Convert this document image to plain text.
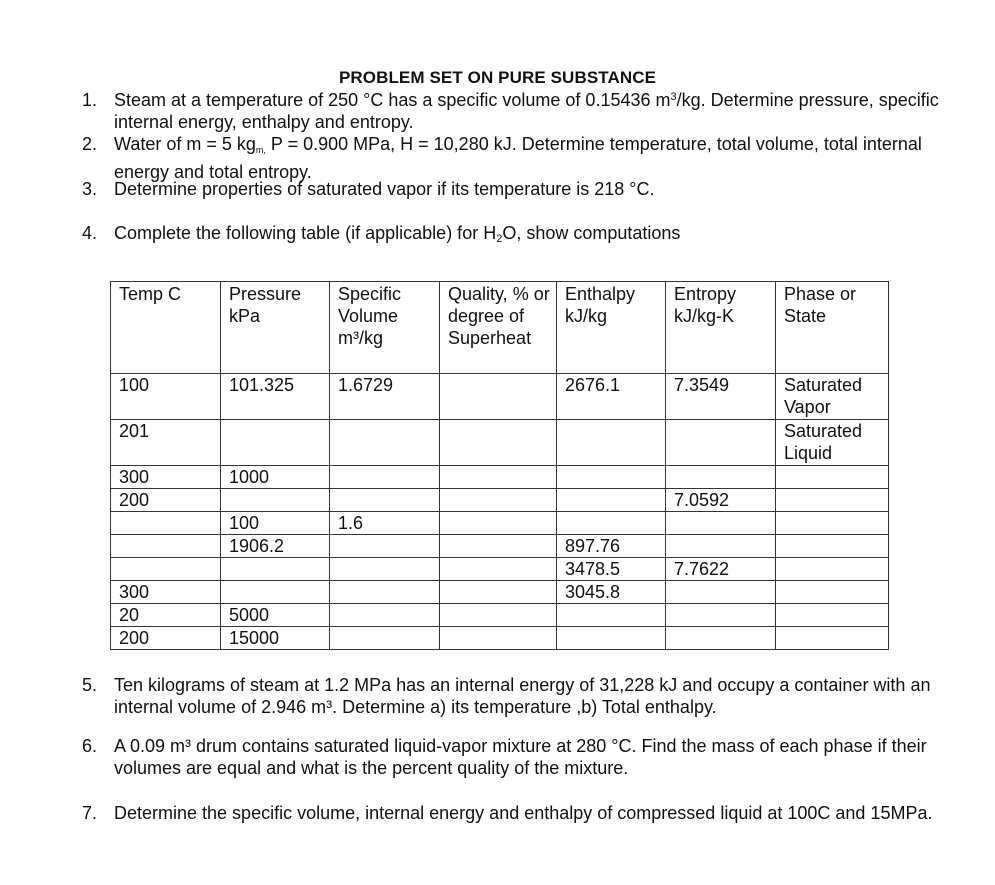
PROBLEM SET ON PURE SUBSTANCE
1. Steam at a temperature of 250 °C has a specific volume of 0.15436 $m^3/kg$. Determine pressure, specific internal energy, enthalpy and entropy.
2. Water of m = 5 kgm, P = 0.900 MPa, H = 10,280 kJ. Determine temperature, total volume, total internal energy and total entropy.
3. Determine properties of saturated vapor if its temperature is 218 °C.
4. Complete the following table (if applicable) for $H_2O$, show computations
Temp C	Pressure kPa	Specific Volume m³/kg	Quality, % or degree of Superheat	Enthalpy kJ/kg	Entropy kJ/kg-K	Phase or State
100	101.325	1.6729		2676.1	7.3549	Saturated Vapor
201						Saturated Liquid
300	1000					
200					7.0592	
	100	1.6				
	1906.2			897.76		
				3478.5	7.7622	
300				3045.8		
20	5000					
200	15000					
5. Ten kilograms of steam at 1.2 MPa has an internal energy of 31,228 kJ and occupy a container with an internal volume of 2.946 m³. Determine a) its temperature ,b) Total enthalpy.
6. A 0.09 m³ drum contains saturated liquid-vapor mixture at 280 °C. Find the mass of each phase if their volumes are equal and what is the percent quality of the mixture.
7. Determine the specific volume, internal energy and enthalpy of compressed liquid at 100C and 15MPa.
